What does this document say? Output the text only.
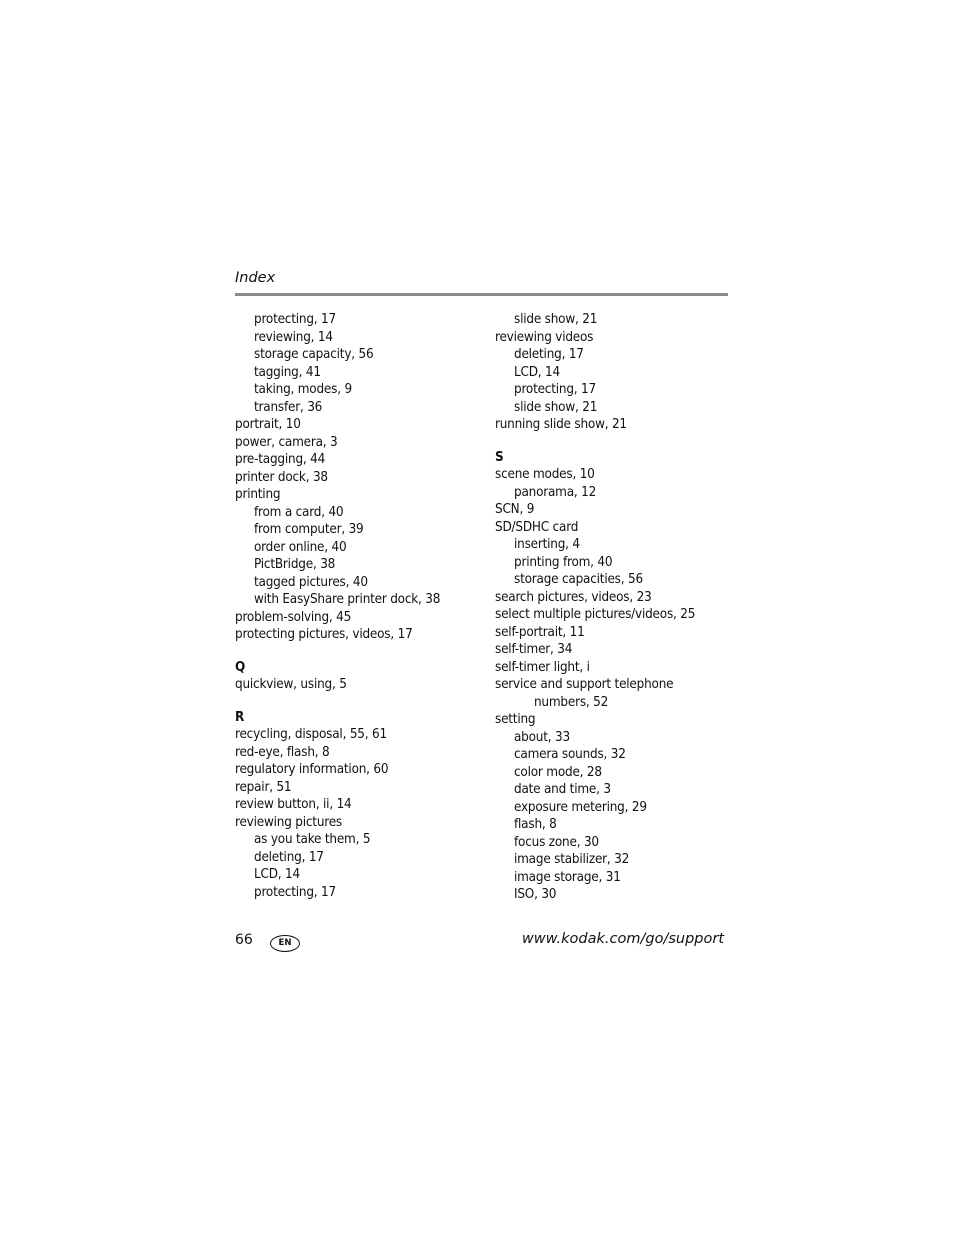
Index
protecting, 17
reviewing, 14
storage capacity, 56
tagging, 41
taking, modes, 9
transfer, 36
portrait, 10
power, camera, 3
pre-tagging, 44
printer dock, 38
printing
from a card, 40
from computer, 39
order online, 40
PictBridge, 38
tagged pictures, 40
with EasyShare printer dock, 38
problem-solving, 45
protecting pictures, videos, 17
Q
quickview, using, 5
R
recycling, disposal, 55, 61
red-eye, flash, 8
regulatory information, 60
repair, 51
review button, ii, 14
reviewing pictures
as you take them, 5
deleting, 17
LCD, 14
protecting, 17
slide show, 21
reviewing videos
deleting, 17
LCD, 14
protecting, 17
slide show, 21
running slide show, 21
S
scene modes, 10
panorama, 12
SCN, 9
SD/SDHC card
inserting, 4
printing from, 40
storage capacities, 56
search pictures, videos, 23
select multiple pictures/videos, 25
self-portrait, 11
self-timer, 34
self-timer light, i
service and support telephone
numbers, 52
setting
about, 33
camera sounds, 32
color mode, 28
date and time, 3
exposure metering, 29
flash, 8
focus zone, 30
image stabilizer, 32
image storage, 31
ISO, 30
66	EN	www.kodak.com/go/support
